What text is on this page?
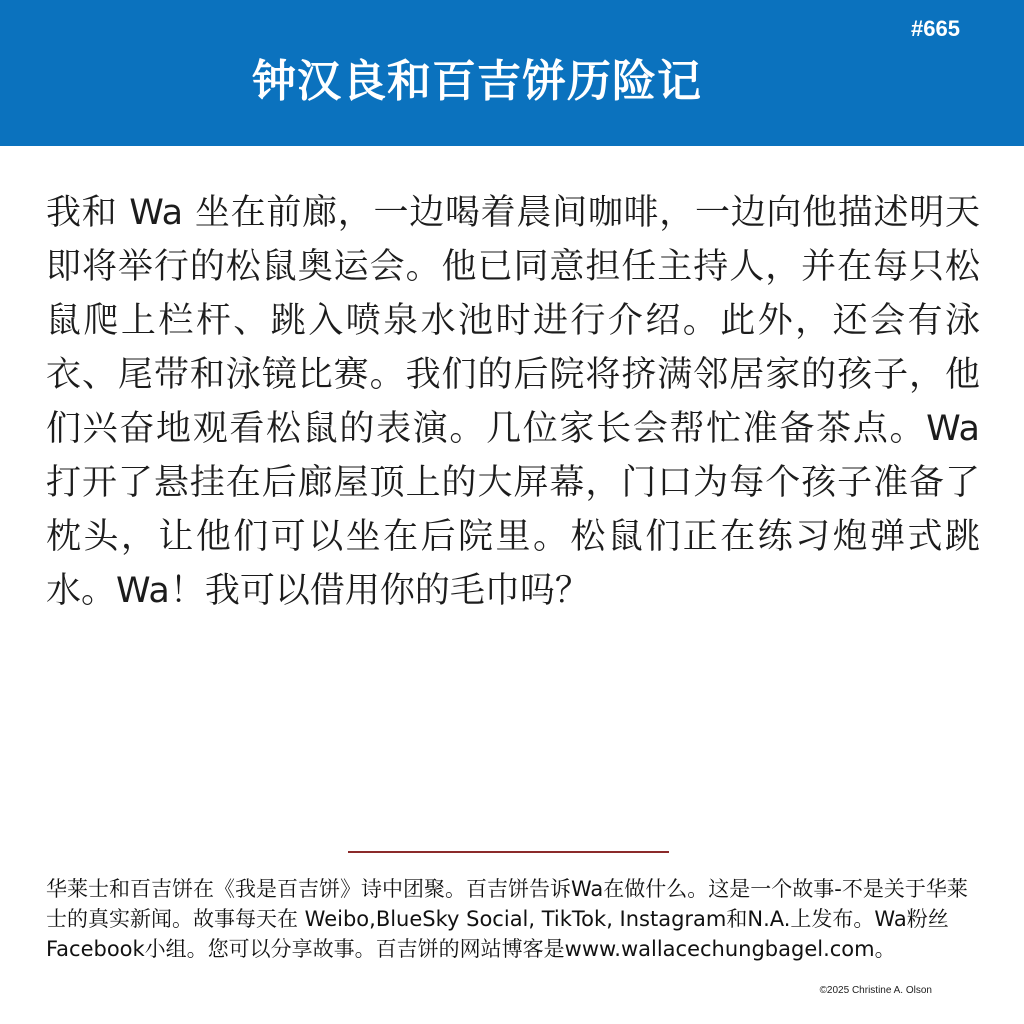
#665
钟汉良和百吉饼历险记

我和 Wa 坐在前廊，一边喝着晨间咖啡，一边向他描述明天即将举行的松鼠奥运会。他已同意担任主持人，并在每只松鼠爬上栏杆、跳入喷泉水池时进行介绍。此外，还会有泳衣、尾带和泳镜比赛。我们的后院将挤满邻居家的孩子，他们兴奋地观看松鼠的表演。几位家长会帮忙准备茶点。Wa 打开了悬挂在后廊屋顶上的大屏幕，门口为每个孩子准备了枕头，让他们可以坐在后院里。松鼠们正在练习炮弹式跳水。Wa！我可以借用你的毛巾吗？

华莱士和百吉饼在《我是百吉饼》诗中团聚。百吉饼告诉Wa在做什么。这是一个故事-不是关于华莱士的真实新闻。故事每天在 Weibo,BlueSky Social, TikTok, Instagram和N.A.上发布。Wa粉丝Facebook小组。您可以分享故事。百吉饼的网站博客是www.wallacechungbagel.com。

©2025 Christine A. Olson
